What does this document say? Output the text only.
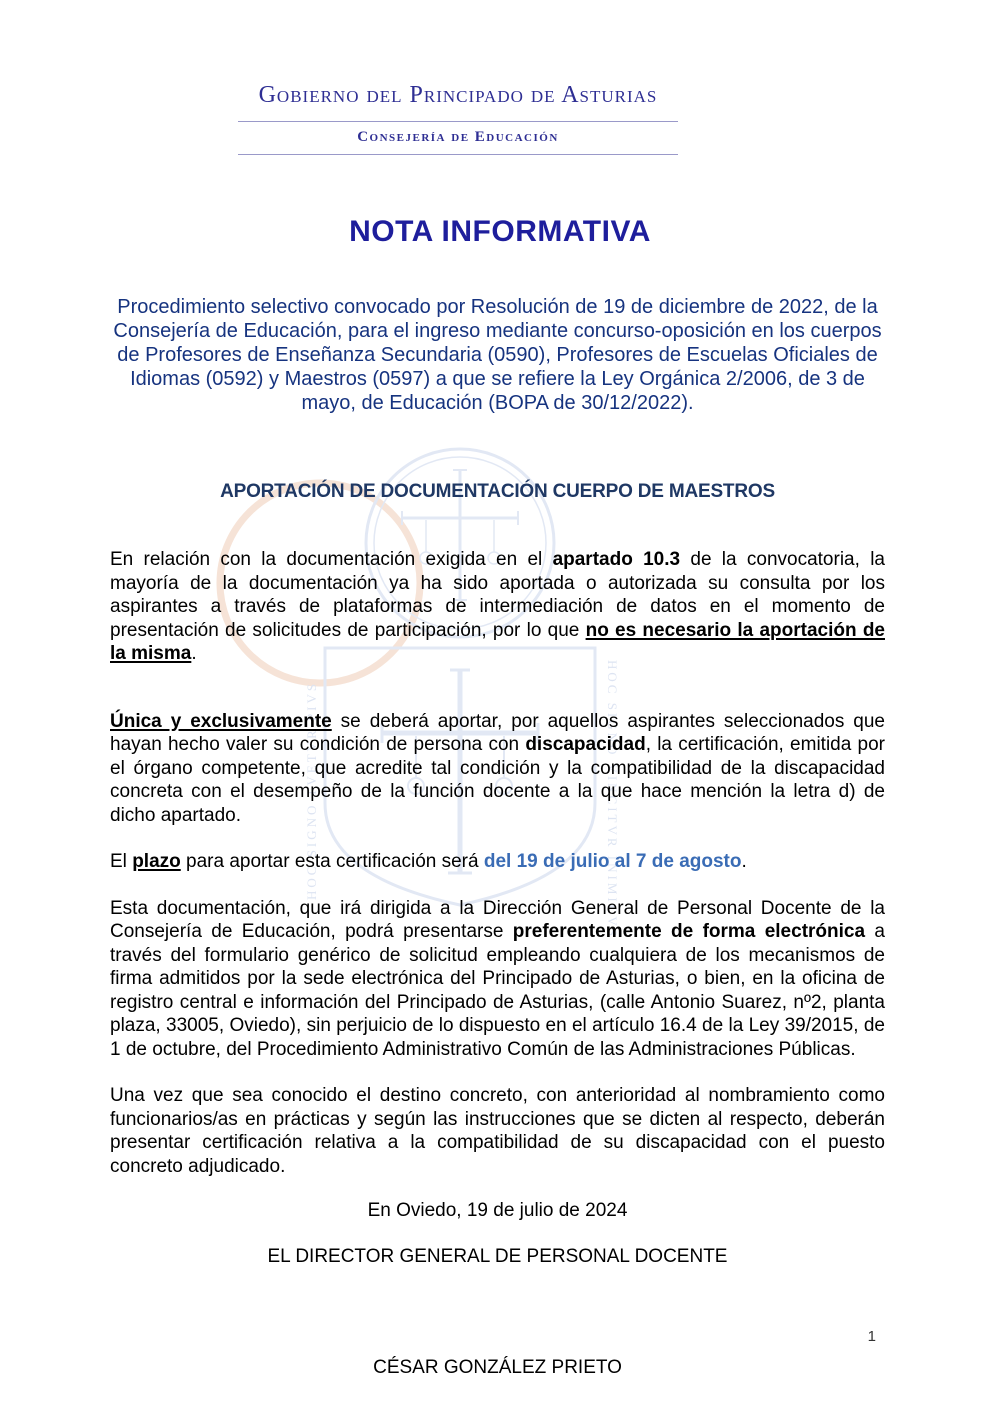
HOC SIGNO TVETVR PIVS	HOC SIGNO VINCITVR INIMICVS
Gobierno del Principado de Asturias
Consejería de Educación
NOTA INFORMATIVA

Procedimiento selectivo convocado por Resolución de 19 de diciembre de 2022, de la Consejería de Educación, para el ingreso mediante concurso-oposición en los cuerpos de Profesores de Enseñanza Secundaria (0590), Profesores de Escuelas Oficiales de Idiomas (0592) y Maestros (0597) a que se refiere la Ley Orgánica 2/2006, de 3 de mayo, de Educación (BOPA de 30/12/2022).

APORTACIÓN DE DOCUMENTACIÓN CUERPO DE MAESTROS

En relación con la documentación exigida en el apartado 10.3 de la convocatoria, la mayoría de la documentación ya ha sido aportada o autorizada su consulta por los aspirantes a través de plataformas de intermediación de datos en el momento de presentación de solicitudes de participación, por lo que no es necesario la aportación de la misma.

Única y exclusivamente se deberá aportar, por aquellos aspirantes seleccionados que hayan hecho valer su condición de persona con discapacidad, la certificación, emitida por el órgano competente, que acredite tal condición y la compatibilidad de la discapacidad concreta con el desempeño de la función docente a la que hace mención la letra d) de dicho apartado.

El plazo para aportar esta certificación será del 19 de julio al 7 de agosto.

Esta documentación, que irá dirigida a la Dirección General de Personal Docente de la Consejería de Educación, podrá presentarse preferentemente de forma electrónica a través del formulario genérico de solicitud empleando cualquiera de los mecanismos de firma admitidos por la sede electrónica del Principado de Asturias, o bien, en la oficina de registro central e información del Principado de Asturias, (calle Antonio Suarez, nº2, planta plaza, 33005, Oviedo), sin perjuicio de lo dispuesto en el artículo 16.4 de la Ley 39/2015, de 1 de octubre, del Procedimiento Administrativo Común de las Administraciones Públicas.

Una vez que sea conocido el destino concreto, con anterioridad al nombramiento como funcionarios/as en prácticas y según las instrucciones que se dicten al respecto, deberán presentar certificación relativa a la compatibilidad de su discapacidad con el puesto concreto adjudicado.

En Oviedo, 19 de julio de 2024

EL DIRECTOR GENERAL DE PERSONAL DOCENTE

CÉSAR GONZÁLEZ PRIETO

1
